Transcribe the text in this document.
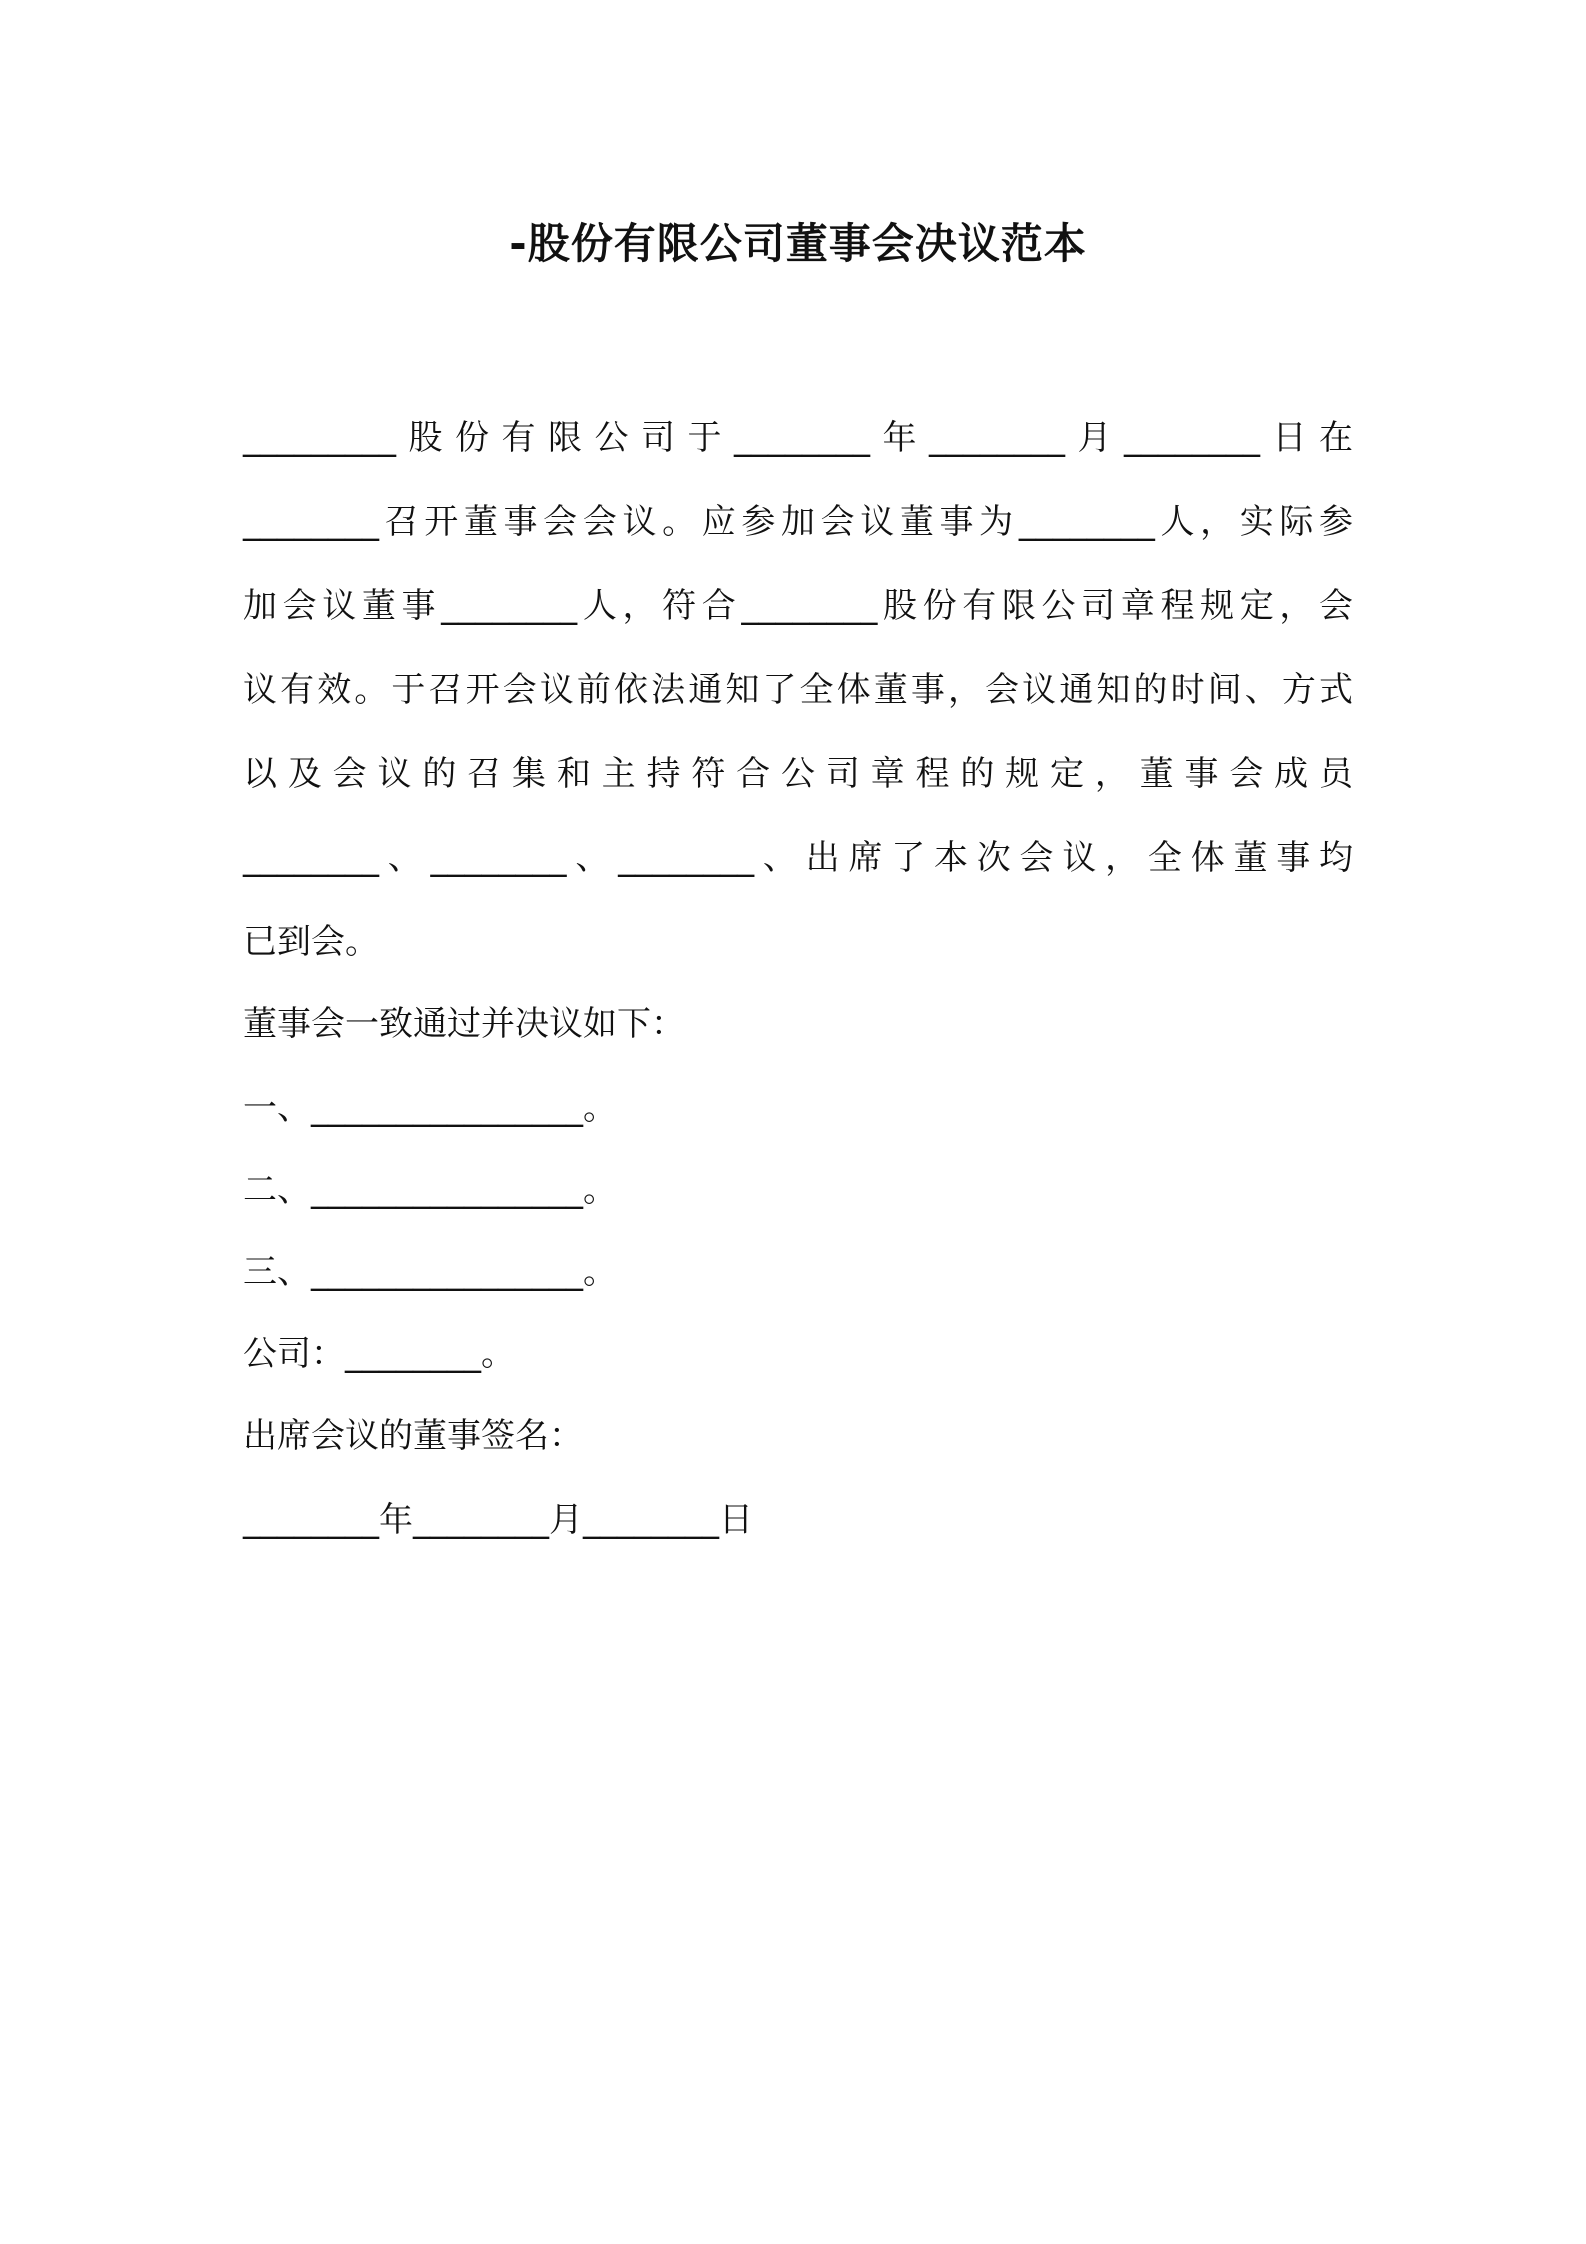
-股份有限公司董事会决议范本
_________股份有限公司于________年________月________日在
________召开董事会会议。应参加会议董事为________人，实际参
加会议董事________人，符合________股份有限公司章程规定，会
议有效。于召开会议前依法通知了全体董事，会议通知的时间、方式
以及会议的召集和主持符合公司章程的规定，董事会成员
________、________、________、出席了本次会议，全体董事均
已到会。
董事会一致通过并决议如下：
一、________________。
二、________________。
三、________________。
公司：________。
出席会议的董事签名：
________年________月________日
